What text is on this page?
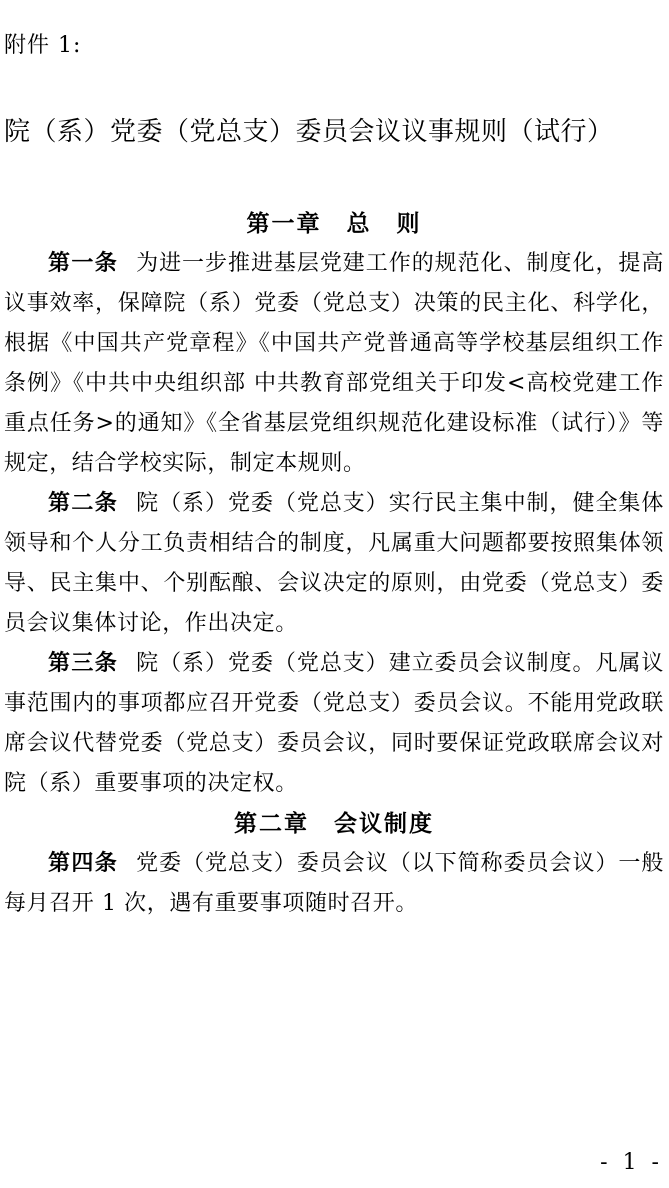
附件 1:
院（系）党委（党总支）委员会议议事规则（试行）

第一章　总　则

第一条 为进一步推进基层党建工作的规范化、制度化，提高议事效率，保障院（系）党委（党总支）决策的民主化、科学化，根据《中国共产党章程》《中国共产党普通高等学校基层组织工作条例》《中共中央组织部 中共教育部党组关于印发<高校党建工作重点任务>的通知》《全省基层党组织规范化建设标准（试行）》等规定，结合学校实际，制定本规则。

第二条 院（系）党委（党总支）实行民主集中制，健全集体领导和个人分工负责相结合的制度，凡属重大问题都要按照集体领导、民主集中、个别酝酿、会议决定的原则，由党委（党总支）委员会议集体讨论，作出决定。

第三条 院（系）党委（党总支）建立委员会议制度。凡属议事范围内的事项都应召开党委（党总支）委员会议。不能用党政联席会议代替党委（党总支）委员会议，同时要保证党政联席会议对院（系）重要事项的决定权。

第二章　会议制度

第四条 党委（党总支）委员会议（以下简称委员会议）一般每月召开 1 次，遇有重要事项随时召开。

- 1 -
